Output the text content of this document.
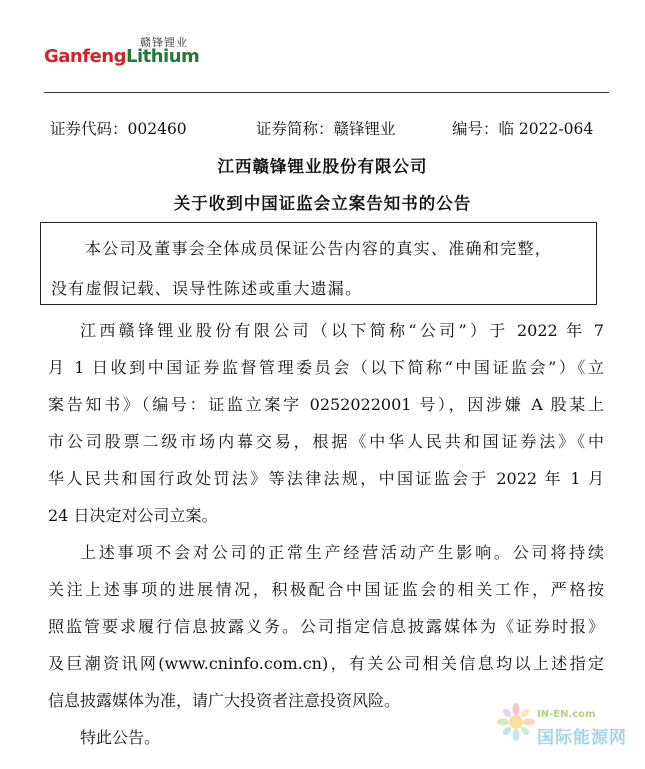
赣锋锂业
GanfengLithium
证券代码：002460	证券简称：赣锋锂业	编号：临 2022-064
江西赣锋锂业股份有限公司
关于收到中国证监会立案告知书的公告
本公司及董事会全体成员保证公告内容的真实、准确和完整，
没有虚假记载、误导性陈述或重大遗漏。
江西赣锋锂业股份有限公司（以下简称“公司”）于 2022 年 7
月 1 日收到中国证券监督管理委员会（以下简称“中国证监会”）《立
案告知书》（编号：证监立案字 0252022001 号），因涉嫌 A 股某上
市公司股票二级市场内幕交易，根据《中华人民共和国证券法》《中
华人民共和国行政处罚法》等法律法规，中国证监会于 2022 年 1 月
24 日决定对公司立案。
上述事项不会对公司的正常生产经营活动产生影响。公司将持续
关注上述事项的进展情况，积极配合中国证监会的相关工作，严格按
照监管要求履行信息披露义务。公司指定信息披露媒体为《证券时报》
及巨潮资讯网(www.cninfo.com.cn)，有关公司相关信息均以上述指定
信息披露媒体为准，请广大投资者注意投资风险。
特此公告。
IN-EN.com
国际能源网
